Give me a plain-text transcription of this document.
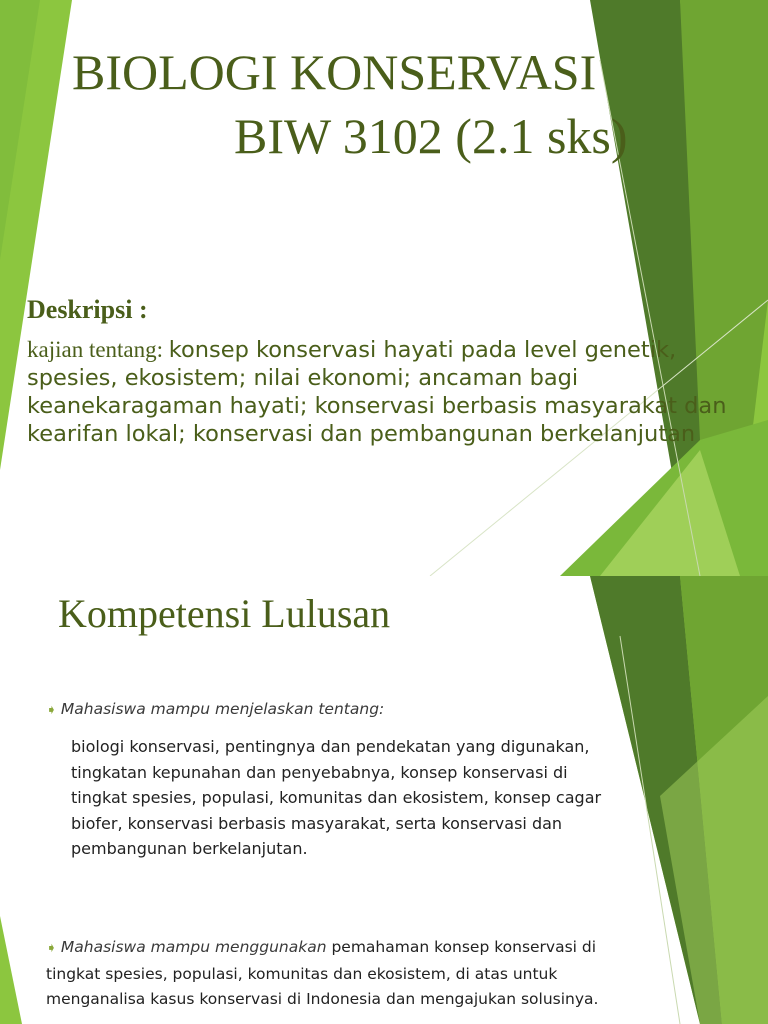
BIOLOGI KONSERVASI
BIW 3102 (2.1 sks)

Deskripsi :

kajian tentang: konsep konservasi hayati pada level genetik, spesies, ekosistem; nilai ekonomi; ancaman bagi keanekaragaman hayati; konservasi berbasis masyarakat dan kearifan lokal; konservasi dan pembangunan berkelanjutan

Kompetensi Lulusan
➧ Mahasiswa mampu menjelaskan tentang:

biologi konservasi, pentingnya dan pendekatan yang digunakan, tingkatan kepunahan dan penyebabnya, konsep konservasi di tingkat spesies, populasi, komunitas dan ekosistem, konsep cagar biofer, konservasi berbasis masyarakat, serta konservasi dan pembangunan berkelanjutan.

➧ Mahasiswa mampu menggunakan pemahaman konsep konservasi di tingkat spesies, populasi, komunitas dan ekosistem, di atas untuk menganalisa kasus konservasi di Indonesia dan mengajukan solusinya.
